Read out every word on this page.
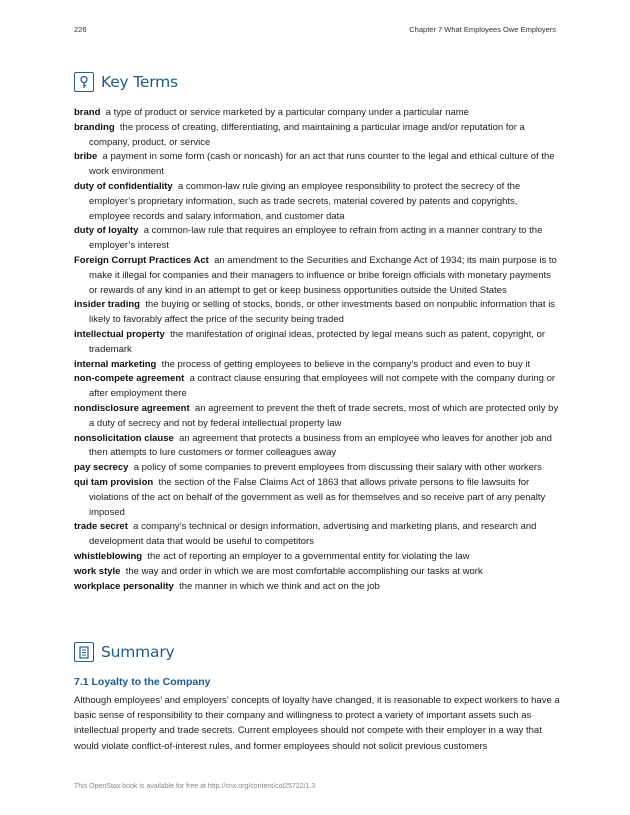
226	Chapter 7 What Employees Owe Employers
Key Terms
brand a type of product or service marketed by a particular company under a particular name
branding the process of creating, differentiating, and maintaining a particular image and/or reputation for a company, product, or service
bribe a payment in some form (cash or noncash) for an act that runs counter to the legal and ethical culture of the work environment
duty of confidentiality a common-law rule giving an employee responsibility to protect the secrecy of the employer’s proprietary information, such as trade secrets, material covered by patents and copyrights, employee records and salary information, and customer data
duty of loyalty a common-law rule that requires an employee to refrain from acting in a manner contrary to the employer’s interest
Foreign Corrupt Practices Act an amendment to the Securities and Exchange Act of 1934; its main purpose is to make it illegal for companies and their managers to influence or bribe foreign officials with monetary payments or rewards of any kind in an attempt to get or keep business opportunities outside the United States
insider trading the buying or selling of stocks, bonds, or other investments based on nonpublic information that is likely to favorably affect the price of the security being traded
intellectual property the manifestation of original ideas, protected by legal means such as patent, copyright, or trademark
internal marketing the process of getting employees to believe in the company’s product and even to buy it
non-compete agreement a contract clause ensuring that employees will not compete with the company during or after employment there
nondisclosure agreement an agreement to prevent the theft of trade secrets, most of which are protected only by a duty of secrecy and not by federal intellectual property law
nonsolicitation clause an agreement that protects a business from an employee who leaves for another job and then attempts to lure customers or former colleagues away
pay secrecy a policy of some companies to prevent employees from discussing their salary with other workers
qui tam provision the section of the False Claims Act of 1863 that allows private persons to file lawsuits for violations of the act on behalf of the government as well as for themselves and so receive part of any penalty imposed
trade secret a company’s technical or design information, advertising and marketing plans, and research and development data that would be useful to competitors
whistleblowing the act of reporting an employer to a governmental entity for violating the law
work style the way and order in which we are most comfortable accomplishing our tasks at work
workplace personality the manner in which we think and act on the job
Summary
7.1 Loyalty to the Company
Although employees’ and employers’ concepts of loyalty have changed, it is reasonable to expect workers to have a basic sense of responsibility to their company and willingness to protect a variety of important assets such as intellectual property and trade secrets. Current employees should not compete with their employer in a way that would violate conflict-of-interest rules, and former employees should not solicit previous customers
This OpenStax book is available for free at http://cnx.org/content/col25722/1.3
